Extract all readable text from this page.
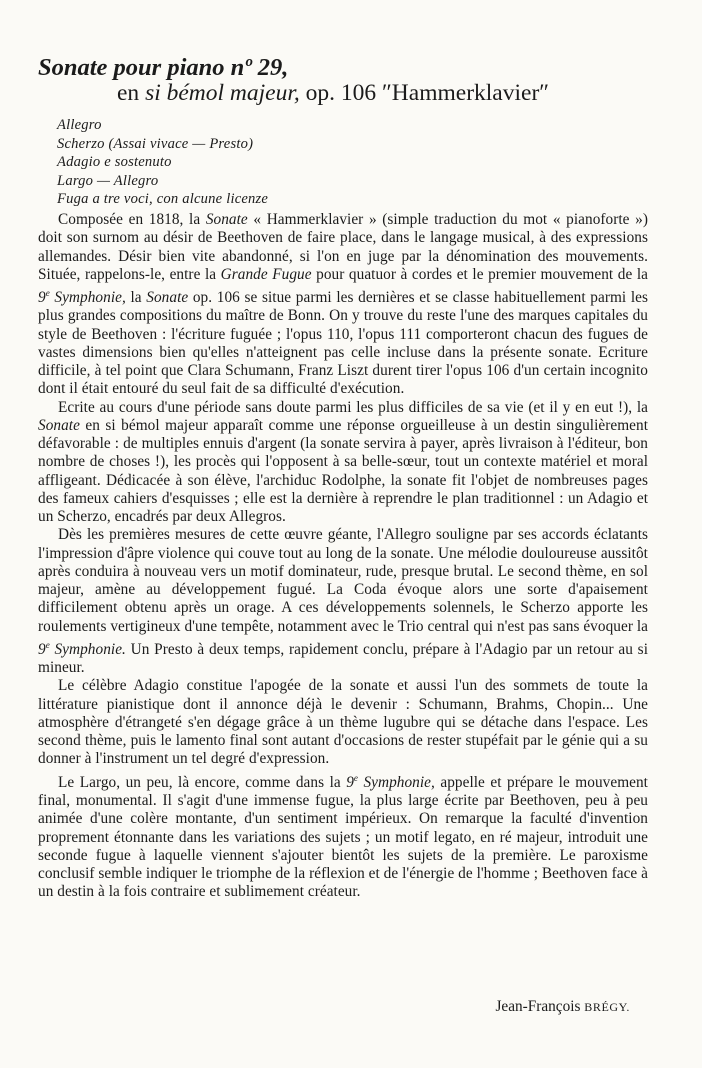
Sonate pour piano nº 29,
en si bémol majeur, op. 106 ″Hammerklavier″
Allegro
Scherzo (Assai vivace — Presto)
Adagio e sostenuto
Largo — Allegro
Fuga a tre voci, con alcune licenze

Composée en 1818, la Sonate « Hammerklavier » (simple traduction du mot « pianoforte ») doit son surnom au désir de Beethoven de faire place, dans le langage musical, à des expressions allemandes. Désir bien vite abandonné, si l'on en juge par la dénomination des mouvements. Située, rappelons-le, entre la Grande Fugue pour quatuor à cordes et le premier mouvement de la 9e Symphonie, la Sonate op. 106 se situe parmi les dernières et se classe habituellement parmi les plus grandes compositions du maître de Bonn. On y trouve du reste l'une des marques capitales du style de Beethoven : l'écriture fuguée ; l'opus 110, l'opus 111 comporteront chacun des fugues de vastes dimensions bien qu'elles n'atteignent pas celle incluse dans la présente sonate. Ecriture difficile, à tel point que Clara Schumann, Franz Liszt durent tirer l'opus 106 d'un certain incognito dont il était entouré du seul fait de sa difficulté d'exécution.

Ecrite au cours d'une période sans doute parmi les plus difficiles de sa vie (et il y en eut !), la Sonate en si bémol majeur apparaît comme une réponse orgueilleuse à un destin singulièrement défavorable : de multiples ennuis d'argent (la sonate servira à payer, après livraison à l'éditeur, bon nombre de choses !), les procès qui l'opposent à sa belle-sœur, tout un contexte matériel et moral affligeant. Dédicacée à son élève, l'archiduc Rodolphe, la sonate fit l'objet de nombreuses pages des fameux cahiers d'esquisses ; elle est la dernière à reprendre le plan traditionnel : un Adagio et un Scherzo, encadrés par deux Allegros.

Dès les premières mesures de cette œuvre géante, l'Allegro souligne par ses accords éclatants l'impression d'âpre violence qui couve tout au long de la sonate. Une mélodie douloureuse aussitôt après conduira à nouveau vers un motif dominateur, rude, presque brutal. Le second thème, en sol majeur, amène au développement fugué. La Coda évoque alors une sorte d'apaisement difficilement obtenu après un orage. A ces développements solennels, le Scherzo apporte les roulements vertigineux d'une tempête, notamment avec le Trio central qui n'est pas sans évoquer la 9e Symphonie. Un Presto à deux temps, rapidement conclu, prépare à l'Adagio par un retour au si mineur.

Le célèbre Adagio constitue l'apogée de la sonate et aussi l'un des sommets de toute la littérature pianistique dont il annonce déjà le devenir : Schumann, Brahms, Chopin... Une atmosphère d'étrangeté s'en dégage grâce à un thème lugubre qui se détache dans l'espace. Les second thème, puis le lamento final sont autant d'occasions de rester stupéfait par le génie qui a su donner à l'instrument un tel degré d'expression.

Le Largo, un peu, là encore, comme dans la 9e Symphonie, appelle et prépare le mouvement final, monumental. Il s'agit d'une immense fugue, la plus large écrite par Beethoven, peu à peu animée d'une colère montante, d'un sentiment impérieux. On remarque la faculté d'invention proprement étonnante dans les variations des sujets ; un motif legato, en ré majeur, introduit une seconde fugue à laquelle viennent s'ajouter bientôt les sujets de la première. Le paroxisme conclusif semble indiquer le triomphe de la réflexion et de l'énergie de l'homme ; Beethoven face à un destin à la fois contraire et sublimement créateur.

Jean-François BRÉGY.
